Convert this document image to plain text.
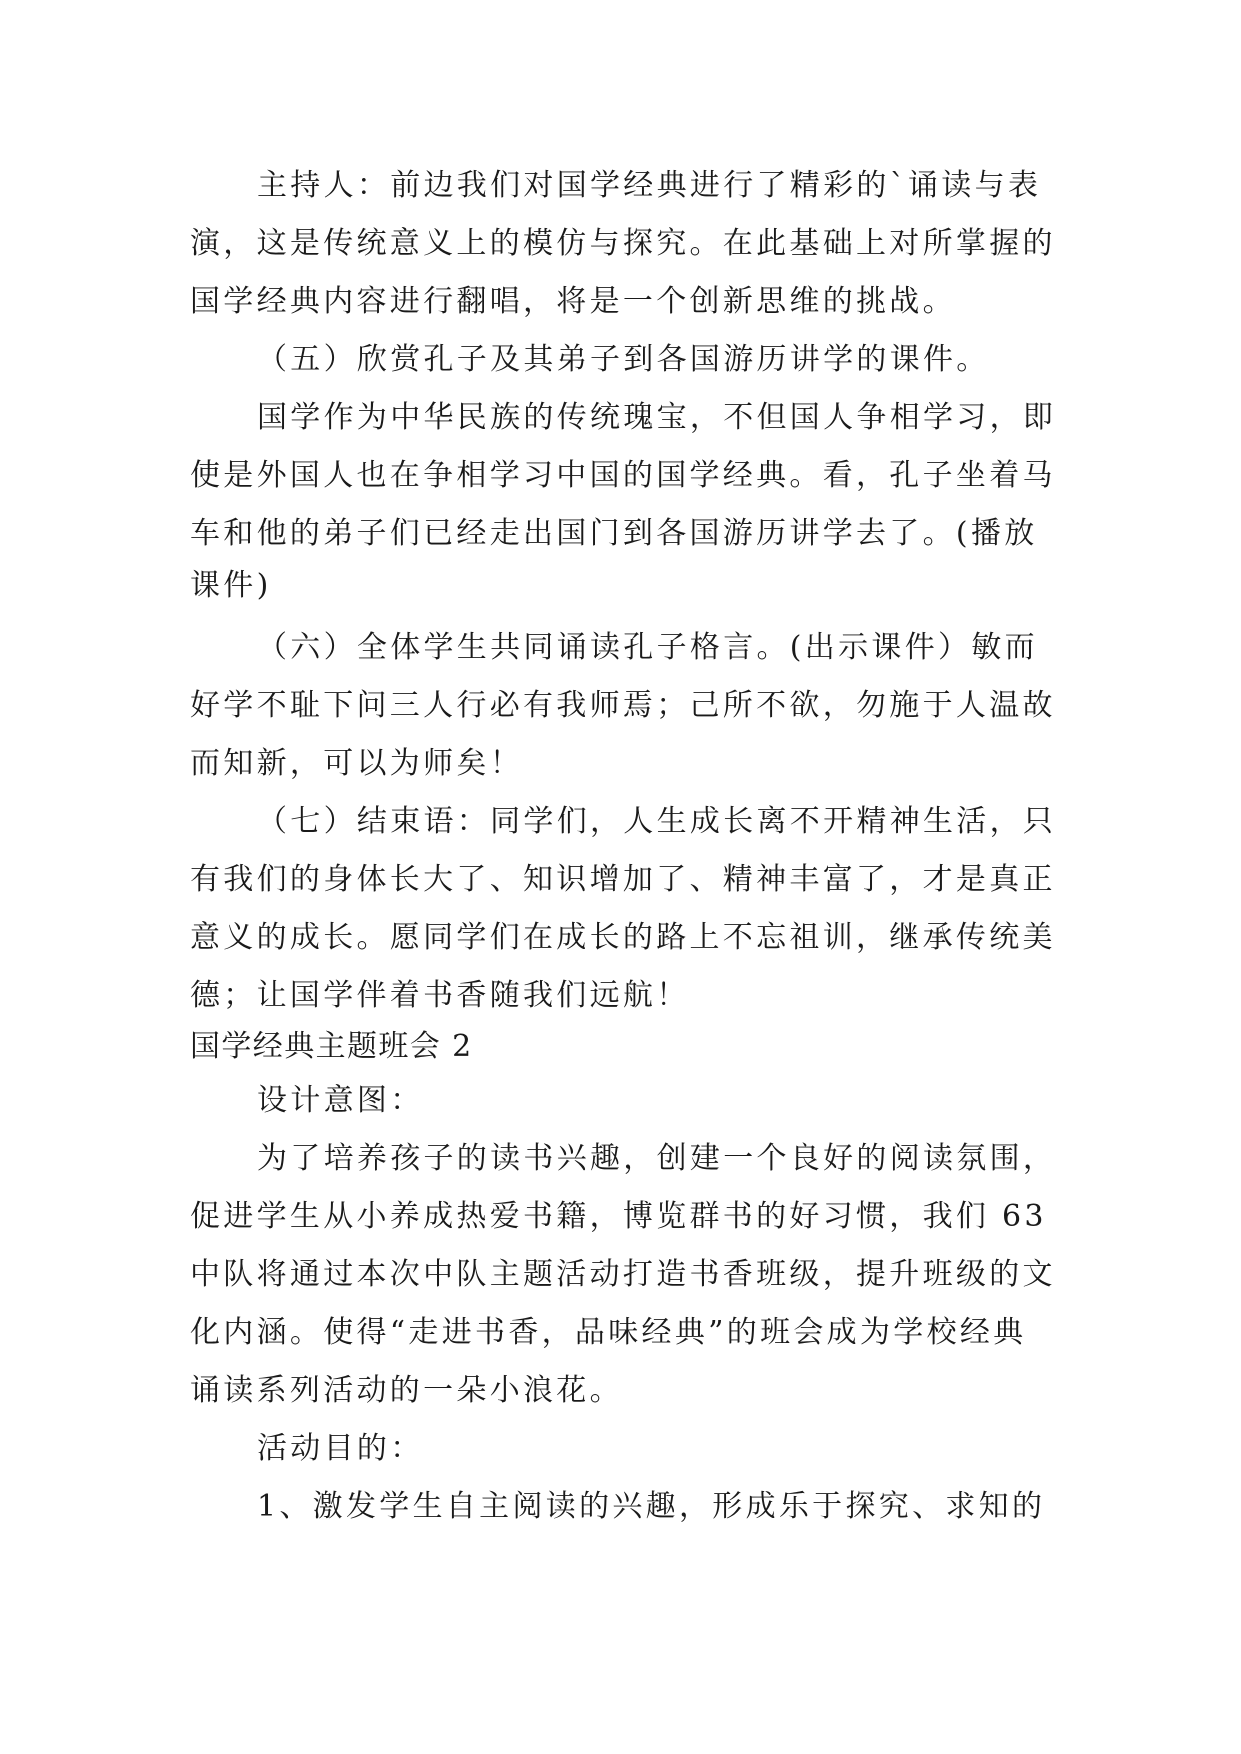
主持人：前边我们对国学经典进行了精彩的`诵读与表
演，这是传统意义上的模仿与探究。在此基础上对所掌握的
国学经典内容进行翻唱，将是一个创新思维的挑战。
（五）欣赏孔子及其弟子到各国游历讲学的课件。
国学作为中华民族的传统瑰宝，不但国人争相学习，即
使是外国人也在争相学习中国的国学经典。看，孔子坐着马
车和他的弟子们已经走出国门到各国游历讲学去了。(播放
课件)
（六）全体学生共同诵读孔子格言。(出示课件）敏而
好学不耻下问三人行必有我师焉；己所不欲，勿施于人温故
而知新，可以为师矣！
（七）结束语：同学们，人生成长离不开精神生活，只
有我们的身体长大了、知识增加了、精神丰富了，才是真正
意义的成长。愿同学们在成长的路上不忘祖训，继承传统美
德；让国学伴着书香随我们远航！
国学经典主题班会 2
设计意图：
为了培养孩子的读书兴趣，创建一个良好的阅读氛围，
促进学生从小养成热爱书籍，博览群书的好习惯，我们 63
中队将通过本次中队主题活动打造书香班级，提升班级的文
化内涵。使得“走进书香，品味经典”的班会成为学校经典
诵读系列活动的一朵小浪花。
活动目的：
1、激发学生自主阅读的兴趣，形成乐于探究、求知的
